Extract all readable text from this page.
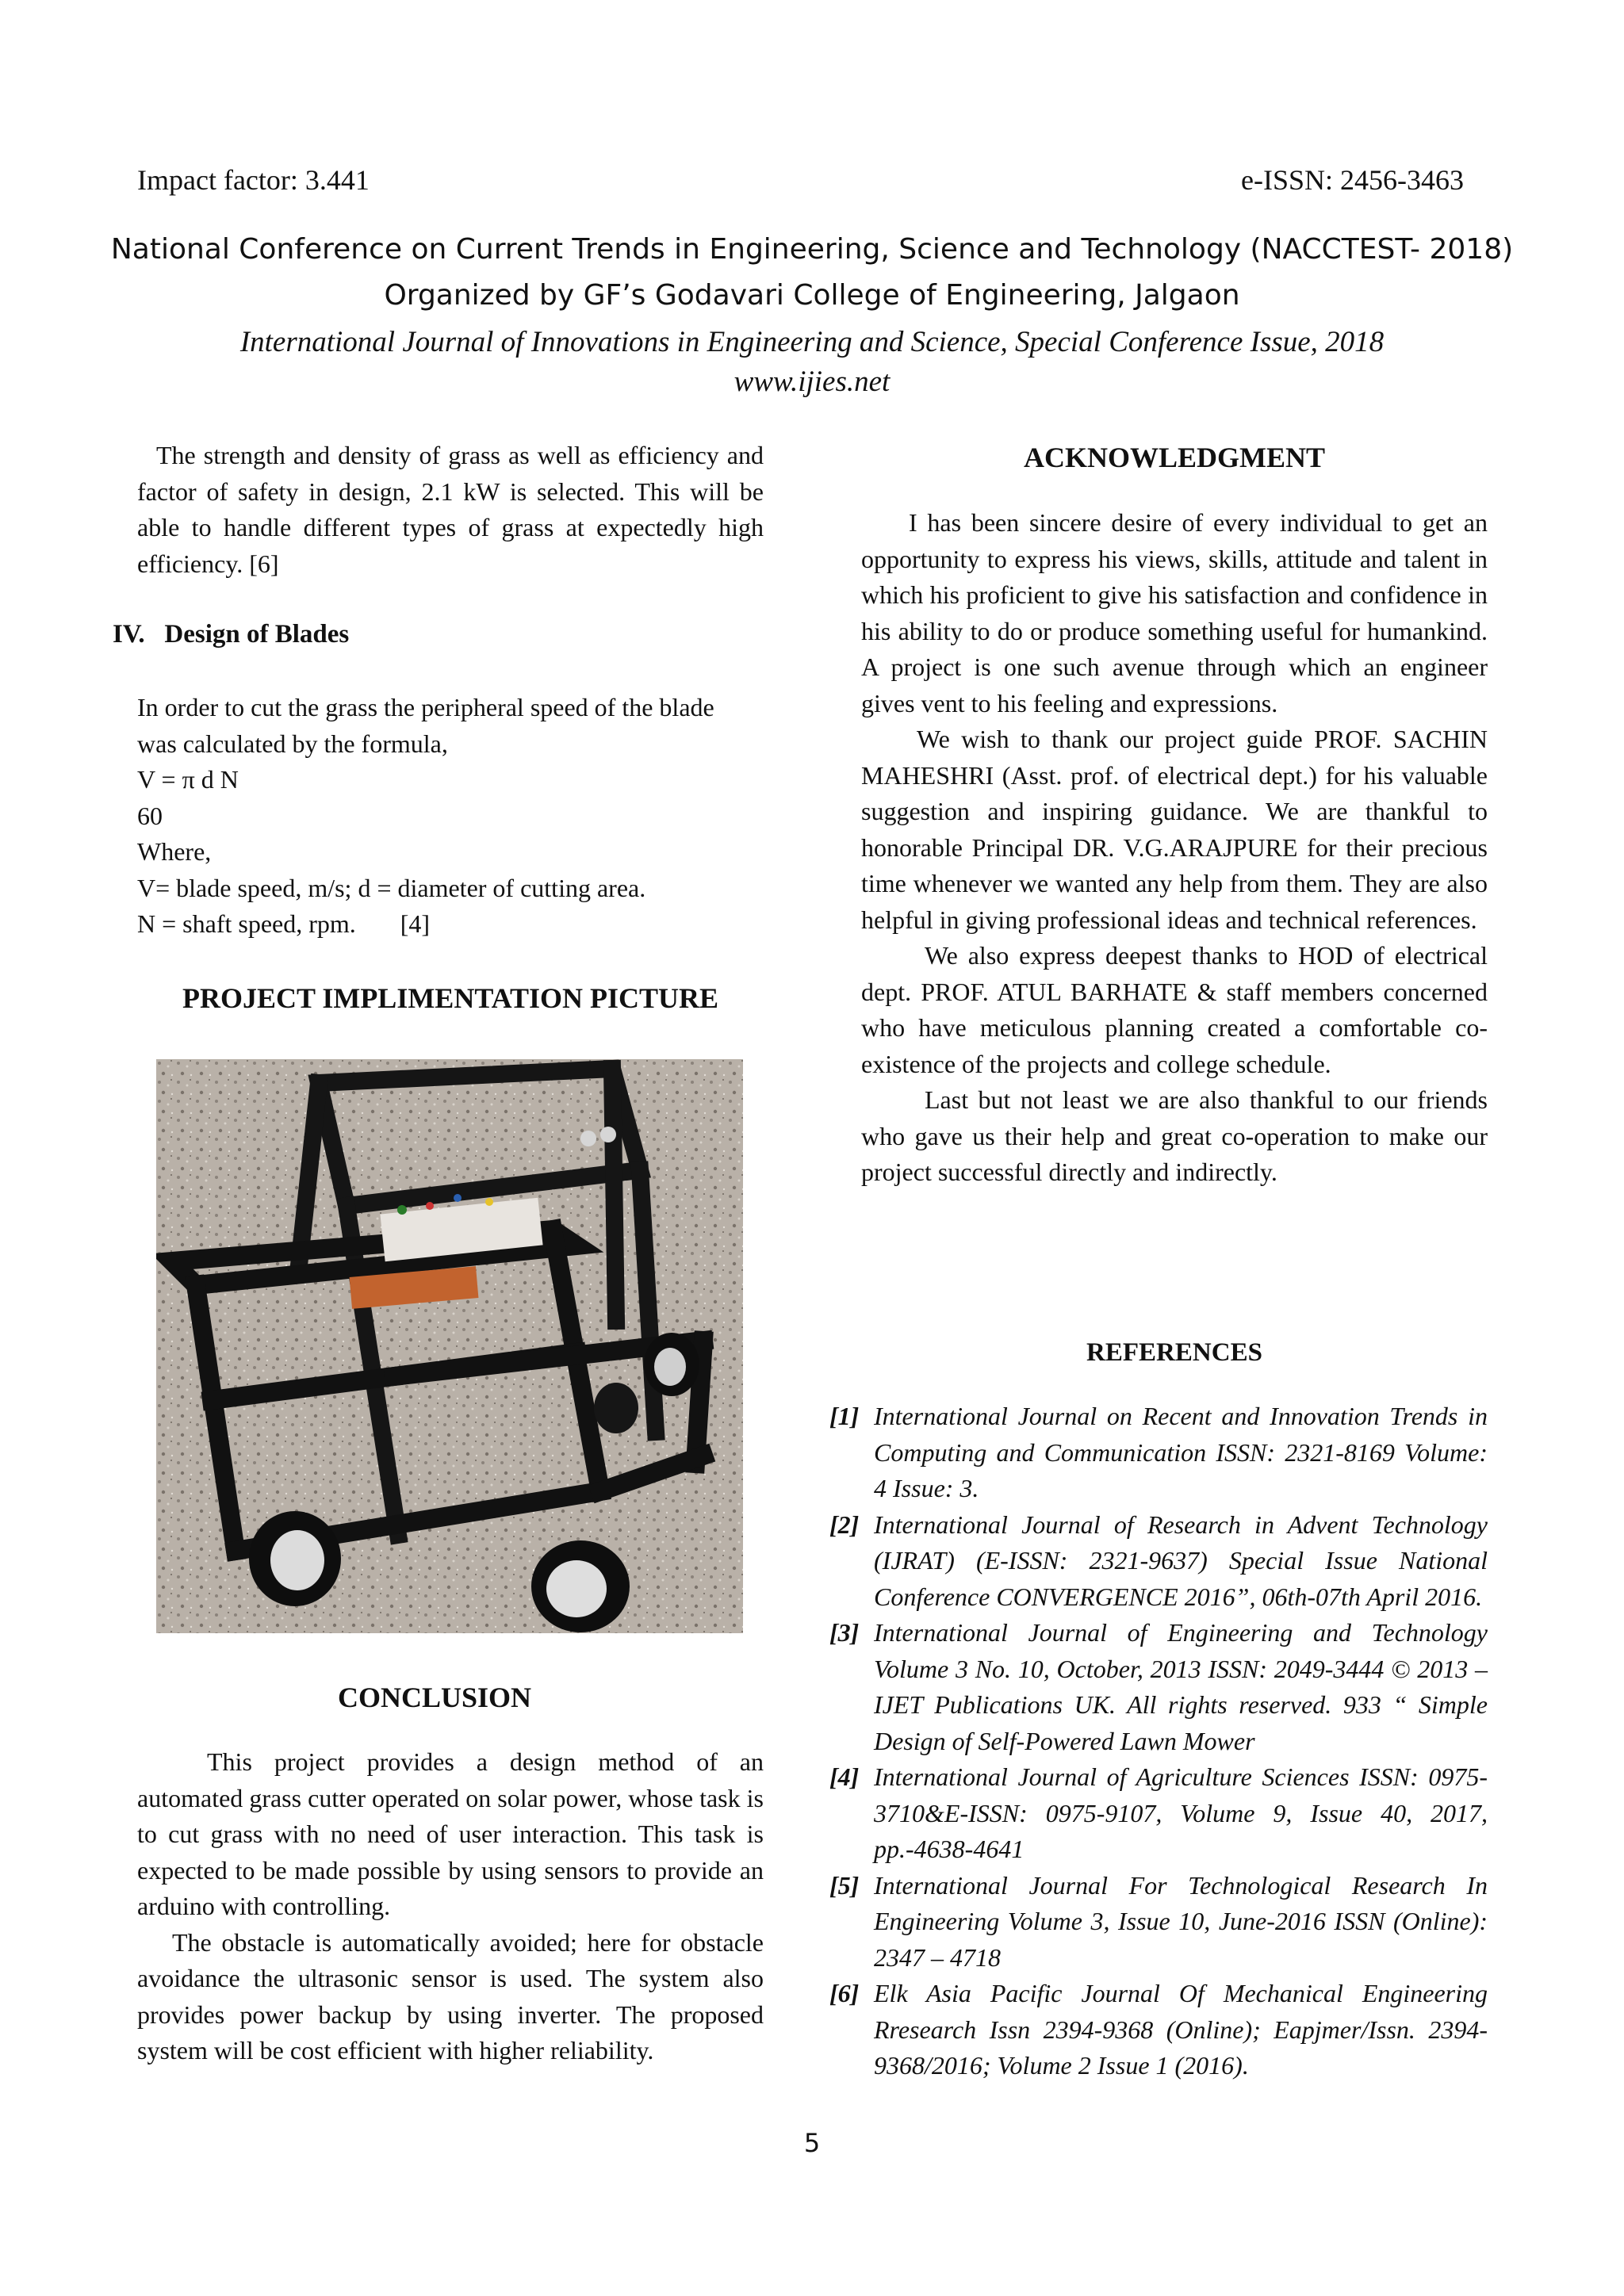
Impact factor: 3.441	e-ISSN: 2456-3463
National Conference on Current Trends in Engineering, Science and Technology (NACCTEST- 2018)
Organized by GF’s Godavari College of Engineering, Jalgaon
International Journal of Innovations in Engineering and Science, Special Conference Issue, 2018
www.ijies.net

The strength and density of grass as well as efficiency and factor of safety in design, 2.1 kW is selected. This will be able to handle different types of grass at expectedly high efficiency. [6]

IV.   Design of Blades
In order to cut the grass the peripheral speed of the blade
was calculated by the formula,
V = π d N
60
Where,
V= blade speed, m/s; d = diameter of cutting area.
N = shaft speed, rpm.       [4]
PROJECT IMPLIMENTATION PICTURE
CONCLUSION

This project provides a design method of an automated grass cutter operated on solar power, whose task is to cut grass with no need of user interaction. This task is expected to be made possible by using sensors to provide an arduino with controlling.

The obstacle is automatically avoided; here for obstacle avoidance the ultrasonic sensor is used. The system also provides power backup by using inverter. The proposed system will be cost efficient with higher reliability.

ACKNOWLEDGMENT

I has been sincere desire of every individual to get an opportunity to express his views, skills, attitude and talent in which his proficient to give his satisfaction and confidence in his ability to do or produce something useful for humankind. A project is one such avenue through which an engineer gives vent to his feeling and expressions.

We wish to thank our project guide PROF. SACHIN MAHESHRI (Asst. prof. of electrical dept.) for his valuable suggestion and inspiring guidance. We are thankful to honorable Principal DR. V.G.ARAJPURE for their precious time whenever we wanted any help from them. They are also helpful in giving professional ideas and technical references.

We also express deepest thanks to HOD of electrical dept. PROF. ATUL BARHATE & staff members concerned who have meticulous planning created a comfortable co-existence of the projects and college schedule.

Last but not least we are also thankful to our friends who gave us their help and great co-operation to make our project successful directly and indirectly.

REFERENCES
[1] International Journal on Recent and Innovation Trends in Computing and Communication ISSN: 2321-8169 Volume: 4 Issue: 3.
[2] International Journal of Research in Advent Technology (IJRAT) (E-ISSN: 2321-9637) Special Issue National Conference CONVERGENCE 2016”, 06th-07th April 2016.
[3] International Journal of Engineering and Technology Volume 3 No. 10, October, 2013 ISSN: 2049-3444 © 2013 – IJET Publications UK. All rights reserved. 933 “ Simple Design of Self-Powered Lawn Mower
[4] International Journal of Agriculture Sciences ISSN: 0975-3710&E-ISSN: 0975-9107, Volume 9, Issue 40, 2017, pp.-4638-4641
[5] International Journal For Technological Research In Engineering Volume 3, Issue 10, June-2016 ISSN (Online): 2347 – 4718
[6] Elk Asia Pacific Journal Of Mechanical Engineering Rresearch Issn 2394-9368 (Online); Eapjmer/Issn. 2394-9368/2016; Volume 2 Issue 1 (2016).
5
